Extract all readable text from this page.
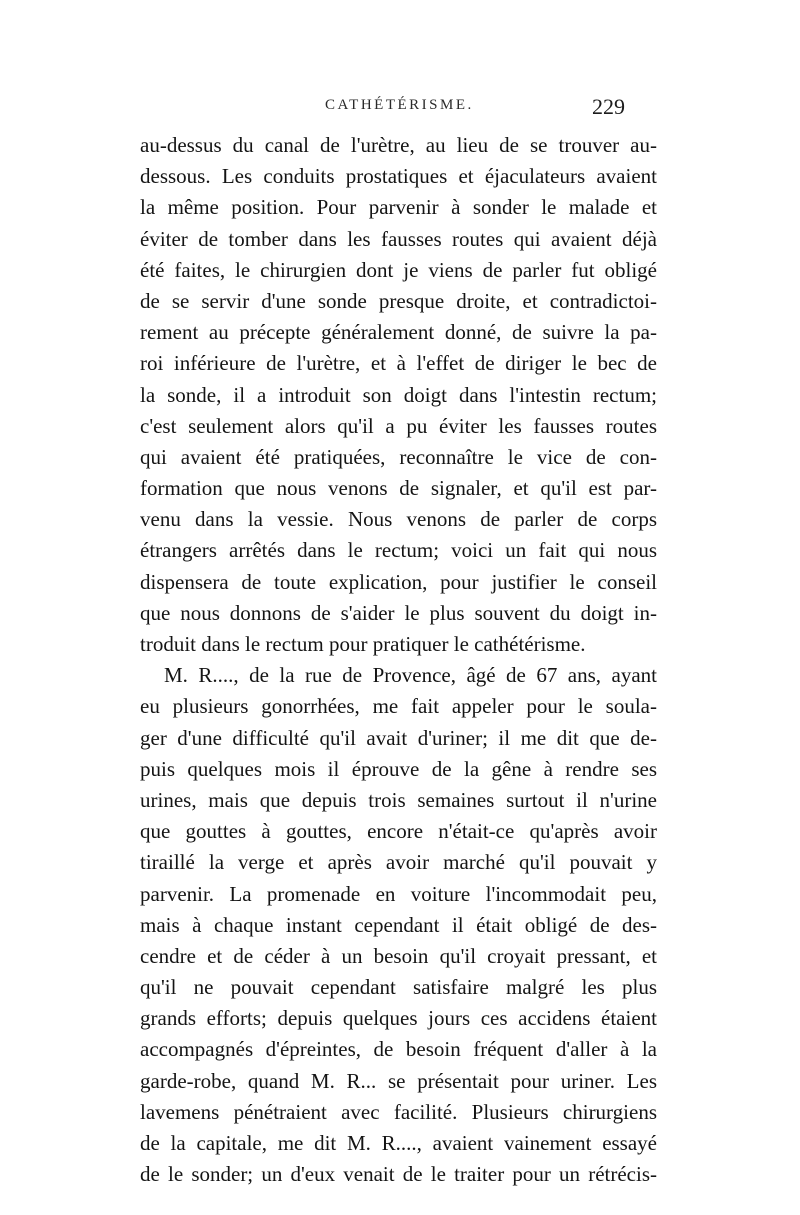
CATHÉTÉRISME.	229
au-dessus du canal de l'urètre, au lieu de se trouver au-
dessous. Les conduits prostatiques et éjaculateurs avaient
la même position. Pour parvenir à sonder le malade et
éviter de tomber dans les fausses routes qui avaient déjà
été faites, le chirurgien dont je viens de parler fut obligé
de se servir d'une sonde presque droite, et contradictoi-
rement au précepte généralement donné, de suivre la pa-
roi inférieure de l'urètre, et à l'effet de diriger le bec de
la sonde, il a introduit son doigt dans l'intestin rectum;
c'est seulement alors qu'il a pu éviter les fausses routes
qui avaient été pratiquées, reconnaître le vice de con-
formation que nous venons de signaler, et qu'il est par-
venu dans la vessie. Nous venons de parler de corps
étrangers arrêtés dans le rectum; voici un fait qui nous
dispensera de toute explication, pour justifier le conseil
que nous donnons de s'aider le plus souvent du doigt in-
troduit dans le rectum pour pratiquer le cathétérisme.
M. R...., de la rue de Provence, âgé de 67 ans, ayant
eu plusieurs gonorrhées, me fait appeler pour le soula-
ger d'une difficulté qu'il avait d'uriner; il me dit que de-
puis quelques mois il éprouve de la gêne à rendre ses
urines, mais que depuis trois semaines surtout il n'urine
que gouttes à gouttes, encore n'était-ce qu'après avoir
tiraillé la verge et après avoir marché qu'il pouvait y
parvenir. La promenade en voiture l'incommodait peu,
mais à chaque instant cependant il était obligé de des-
cendre et de céder à un besoin qu'il croyait pressant, et
qu'il ne pouvait cependant satisfaire malgré les plus
grands efforts; depuis quelques jours ces accidens étaient
accompagnés d'épreintes, de besoin fréquent d'aller à la
garde-robe, quand M. R... se présentait pour uriner. Les
lavemens pénétraient avec facilité. Plusieurs chirurgiens
de la capitale, me dit M. R...., avaient vainement essayé
de le sonder; un d'eux venait de le traiter pour un rétrécis-
